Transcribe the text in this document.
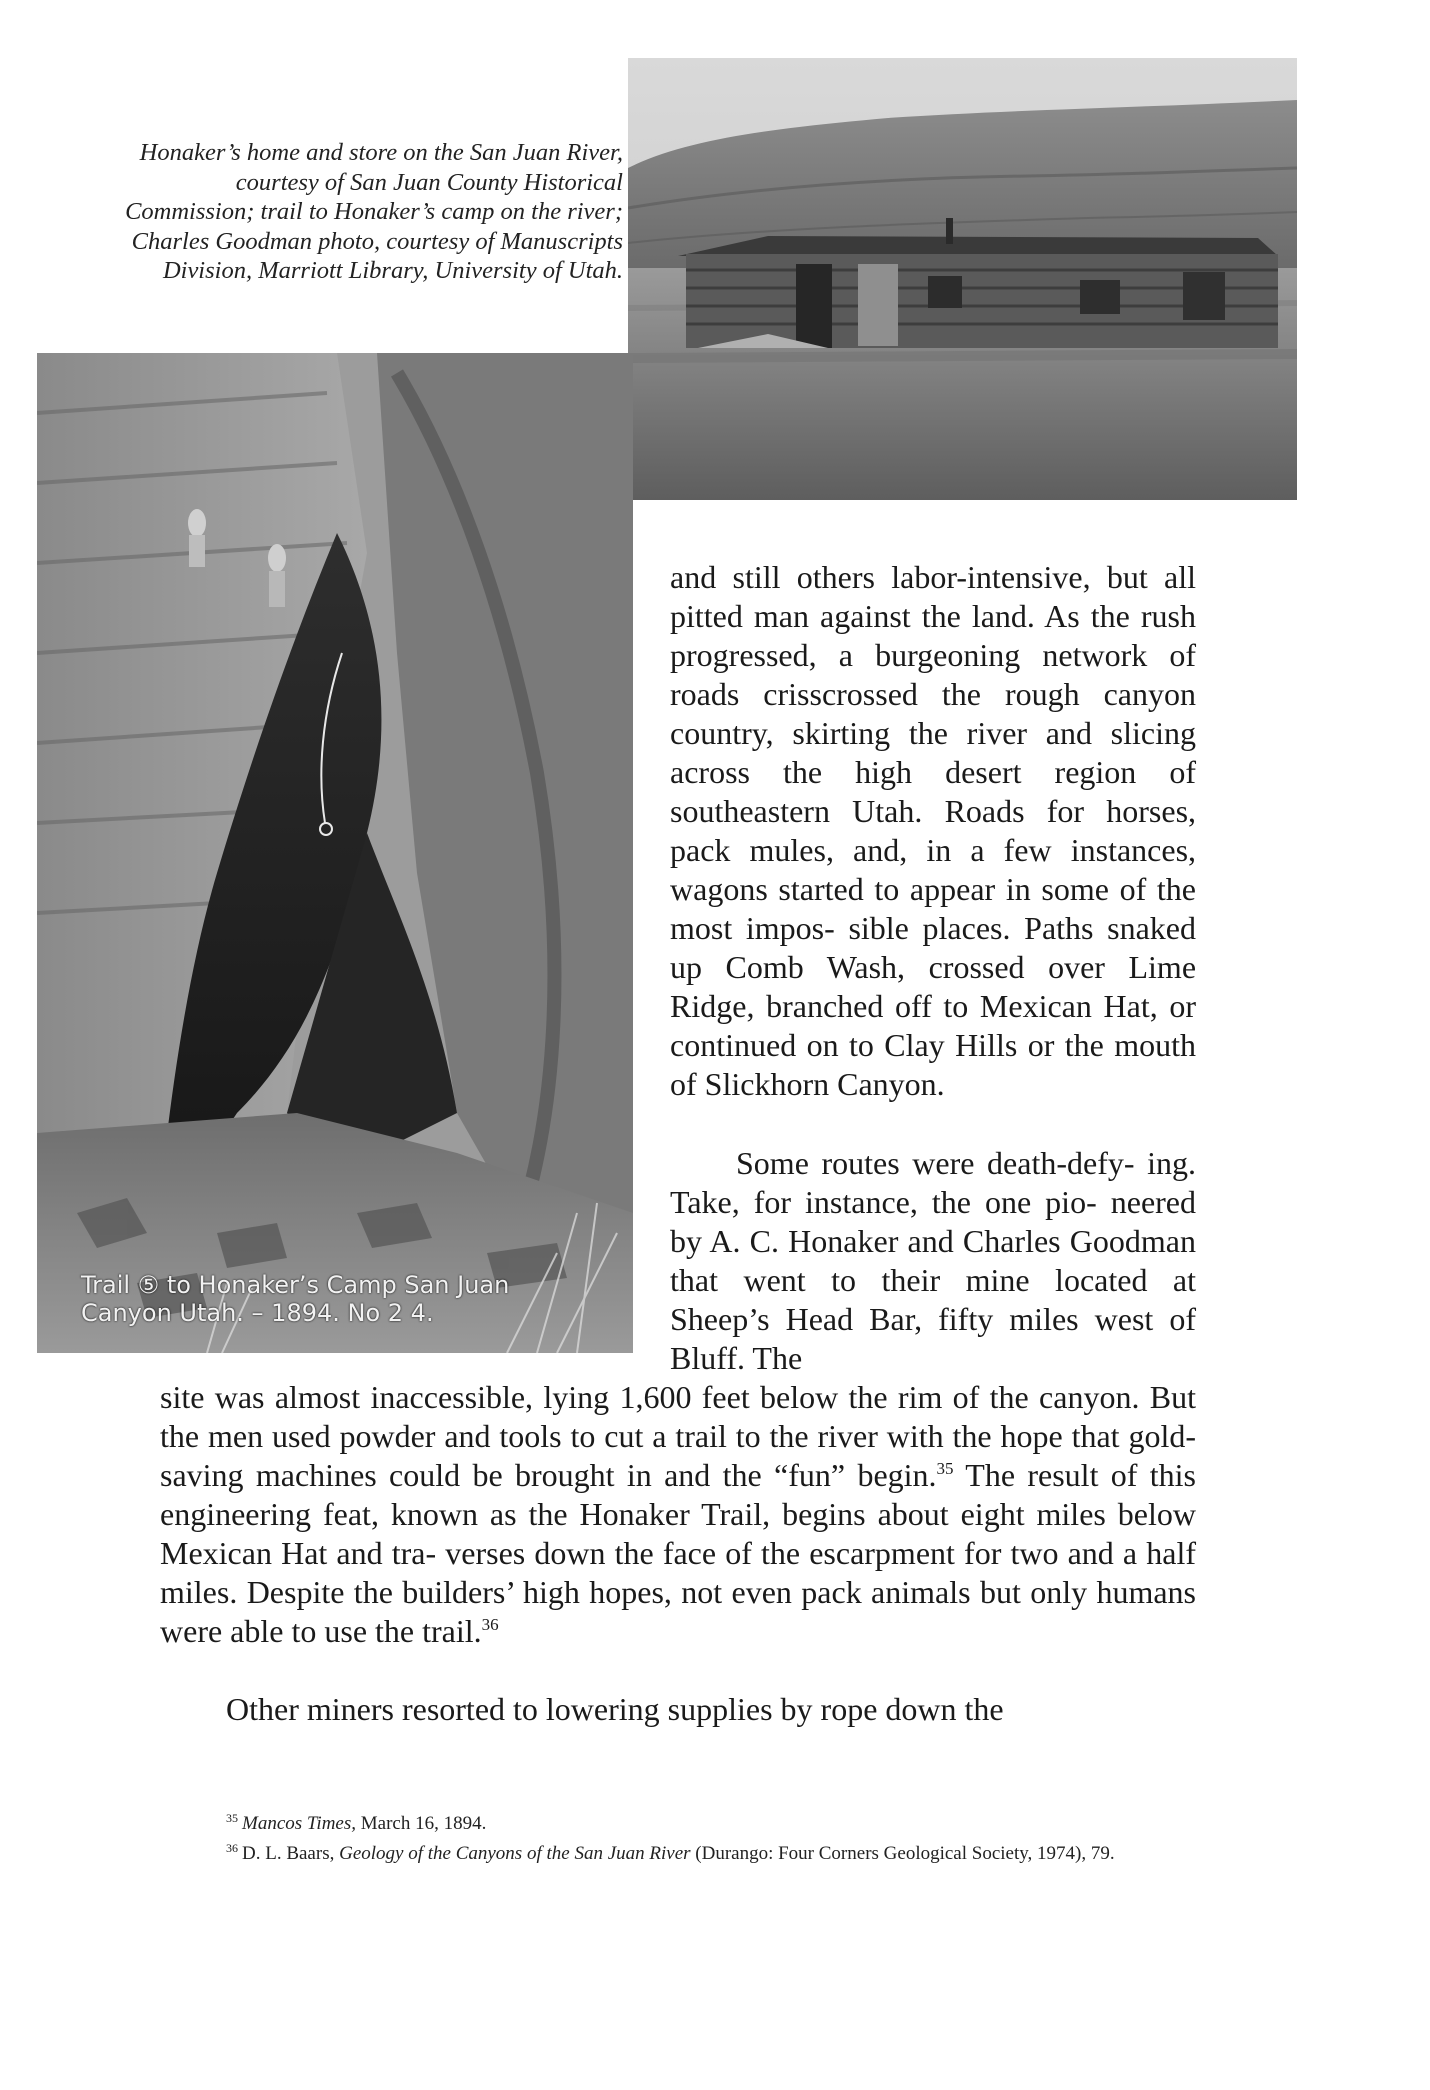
Honaker’s home and store on the San Juan River, courtesy of San Juan County Historical Commission; trail to Honaker’s camp on the river; Charles Goodman photo, courtesy of Manuscripts Division, Marriott Library, University of Utah.

Trail ⑤ to Honaker’s Camp San Juan Canyon Utah. – 1894. No 2 4.

and still others labor-intensive, but all pitted man against the land. As the rush progressed, a burgeoning network of roads crisscrossed the rough canyon country, skirting the river and slicing across the high desert region of southeastern Utah. Roads for horses, pack mules, and, in a few instances, wagons started to appear in some of the most impos- sible places. Paths snaked up Comb Wash, crossed over Lime Ridge, branched off to Mexican Hat, or continued on to Clay Hills or the mouth of Slickhorn Canyon.

Some routes were death-defy- ing. Take, for instance, the one pio- neered by A. C. Honaker and Charles Goodman that went to their mine located at Sheep’s Head Bar, fifty miles west of Bluff. The

site was almost inaccessible, lying 1,600 feet below the rim of the canyon. But the men used powder and tools to cut a trail to the river with the hope that gold-saving machines could be brought in and the “fun” begin.$^{35}$ The result of this engineering feat, known as the Honaker Trail, begins about eight miles below Mexican Hat and tra- verses down the face of the escarpment for two and a half miles. Despite the builders’ high hopes, not even pack animals but only humans were able to use the trail.$^{36}$

Other miners resorted to lowering supplies by rope down the

$^{35}$ Mancos Times, March 16, 1894.

$^{36}$ D. L. Baars, Geology of the Canyons of the San Juan River (Durango: Four Corners Geological Society, 1974), 79.
